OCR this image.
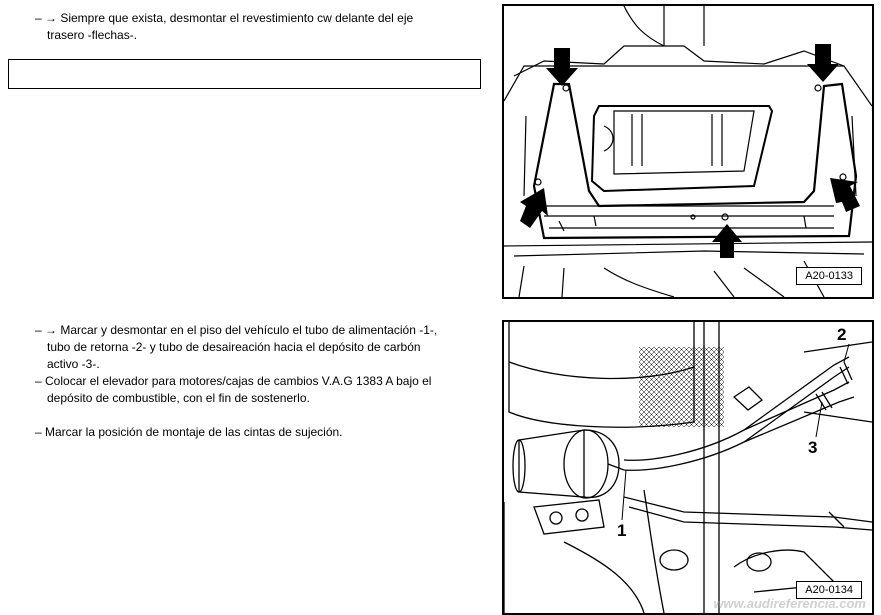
– → Siempre que exista, desmontar el revestimiento cw delante del eje
trasero -flechas-.

– → Marcar y desmontar en el piso del vehículo el tubo de alimentación -1-,
tubo de retorna -2- y tubo de desaireación hacia el depósito de carbón
activo -3-.
– Colocar el elevador para motores/cajas de cambios V.A.G 1383 A bajo el
depósito de combustible, con el fin de sostenerlo.
– Marcar la posición de montaje de las cintas de sujeción.

A20-0133
1
2
3
A20-0134
www.audireferencia.com
